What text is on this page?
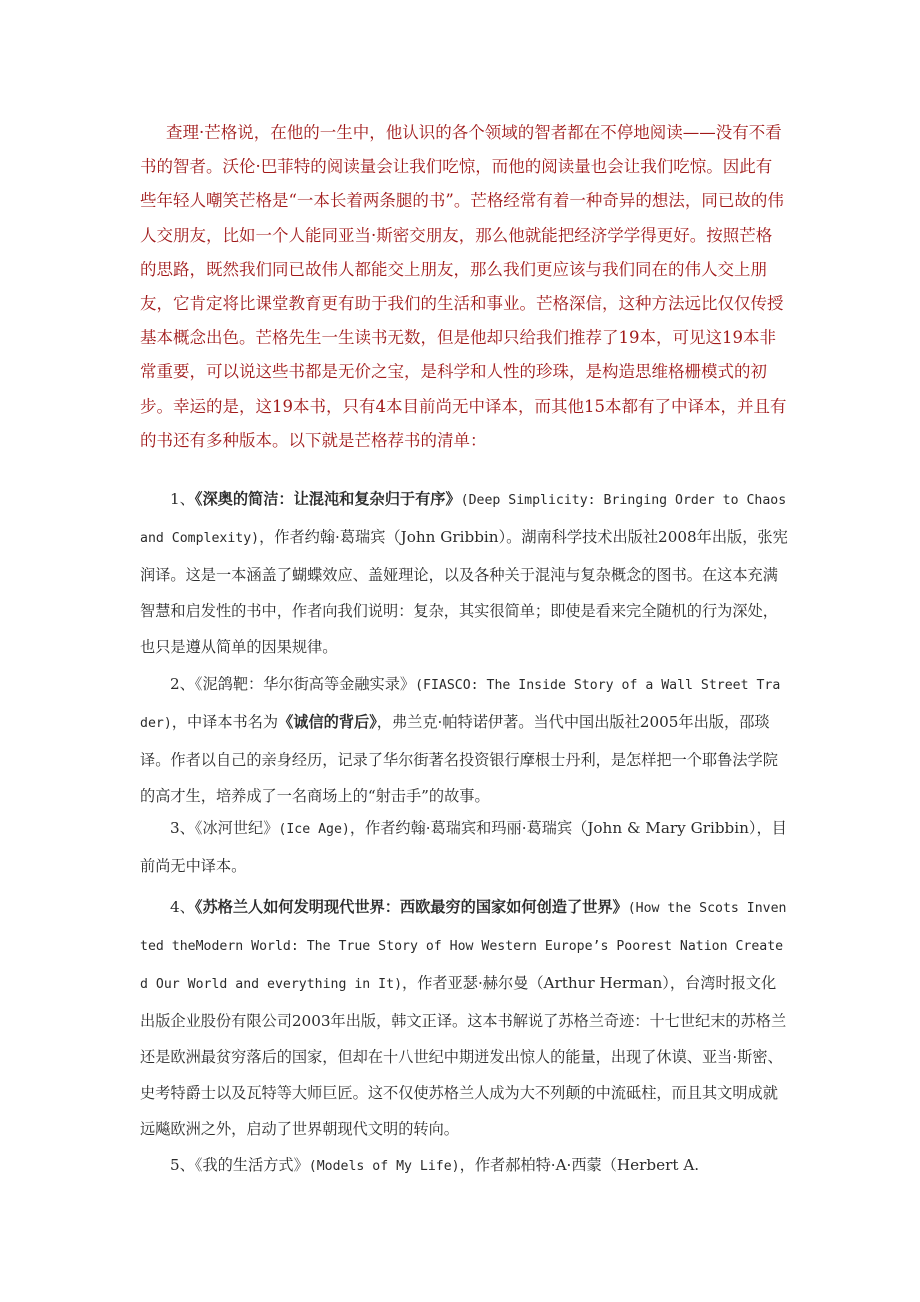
查理·芒格说，在他的一生中，他认识的各个领域的智者都在不停地阅读——没有不看书的智者。沃伦·巴菲特的阅读量会让我们吃惊，而他的阅读量也会让我们吃惊。因此有些年轻人嘲笑芒格是“一本长着两条腿的书”。芒格经常有着一种奇异的想法，同已故的伟人交朋友，比如一个人能同亚当·斯密交朋友，那么他就能把经济学学得更好。按照芒格的思路，既然我们同已故伟人都能交上朋友，那么我们更应该与我们同在的伟人交上朋友，它肯定将比课堂教育更有助于我们的生活和事业。芒格深信，这种方法远比仅仅传授基本概念出色。芒格先生一生读书无数，但是他却只给我们推荐了19本，可见这19本非常重要，可以说这些书都是无价之宝，是科学和人性的珍珠，是构造思维格栅模式的初步。幸运的是，这19本书，只有4本目前尚无中译本，而其他15本都有了中译本，并且有的书还有多种版本。以下就是芒格荐书的清单：

1、《深奥的简洁：让混沌和复杂归于有序》(Deep Simplicity: Bringing Order to Chaos and Complexity)，作者约翰·葛瑞宾（John Gribbin）。湖南科学技术出版社2008年出版，张宪润译。这是一本涵盖了蝴蝶效应、盖娅理论，以及各种关于混沌与复杂概念的图书。在这本充满智慧和启发性的书中，作者向我们说明：复杂，其实很简单；即使是看来完全随机的行为深处，也只是遵从简单的因果规律。

2、《泥鸽靶：华尔街高等金融实录》(FIASCO: The Inside Story of a Wall Street Trader)，中译本书名为《诚信的背后》，弗兰克·帕特诺伊著。当代中国出版社2005年出版，邵琰译。作者以自己的亲身经历，记录了华尔街著名投资银行摩根士丹利，是怎样把一个耶鲁法学院的高才生，培养成了一名商场上的“射击手”的故事。

3、《冰河世纪》(Ice Age)，作者约翰·葛瑞宾和玛丽·葛瑞宾（John & Mary Gribbin），目前尚无中译本。

4、《苏格兰人如何发明现代世界：西欧最穷的国家如何创造了世界》(How the Scots Invented theModern World: The True Story of How Western Europe’s Poorest Nation Created Our World and everything in It)，作者亚瑟·赫尔曼（Arthur Herman），台湾时报文化出版企业股份有限公司2003年出版，韩文正译。这本书解说了苏格兰奇迹：十七世纪末的苏格兰还是欧洲最贫穷落后的国家，但却在十八世纪中期迸发出惊人的能量，出现了休谟、亚当·斯密、史考特爵士以及瓦特等大师巨匠。这不仅使苏格兰人成为大不列颠的中流砥柱，而且其文明成就远飚欧洲之外，启动了世界朝现代文明的转向。

5、《我的生活方式》(Models of My Life)，作者郝柏特·A·西蒙（Herbert A.
